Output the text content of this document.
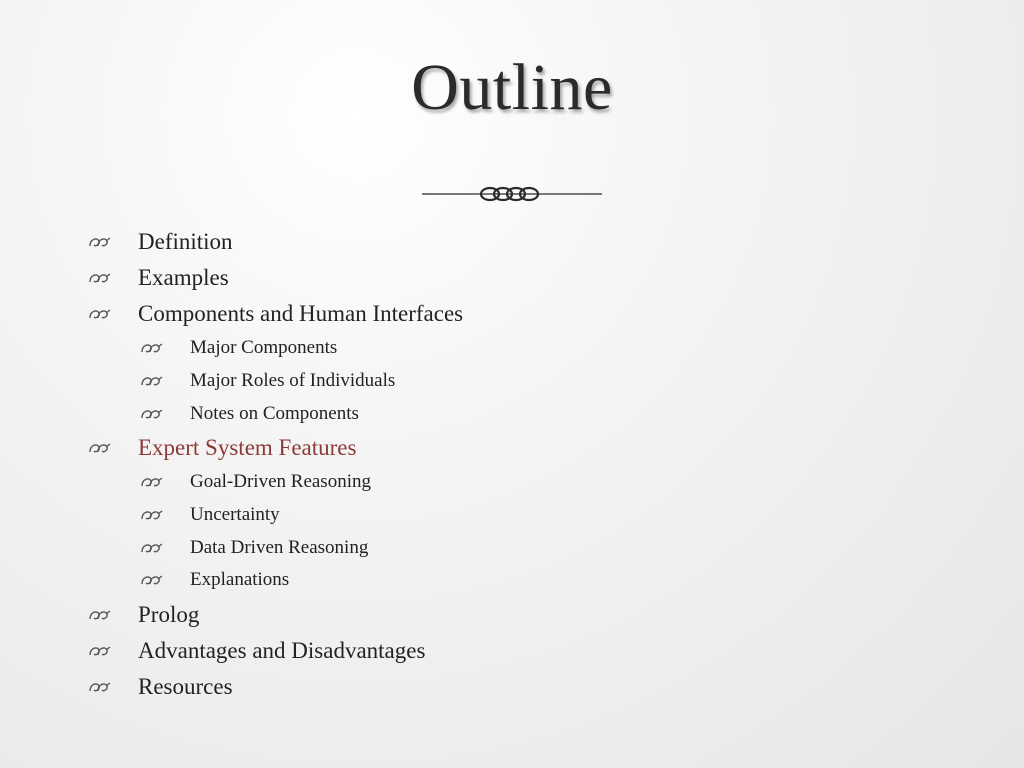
Outline
Definition
Examples
Components and Human Interfaces
Major Components
Major Roles of Individuals
Notes on Components
Expert System Features
Goal-Driven Reasoning
Uncertainty
Data Driven Reasoning
Explanations
Prolog
Advantages and Disadvantages
Resources
